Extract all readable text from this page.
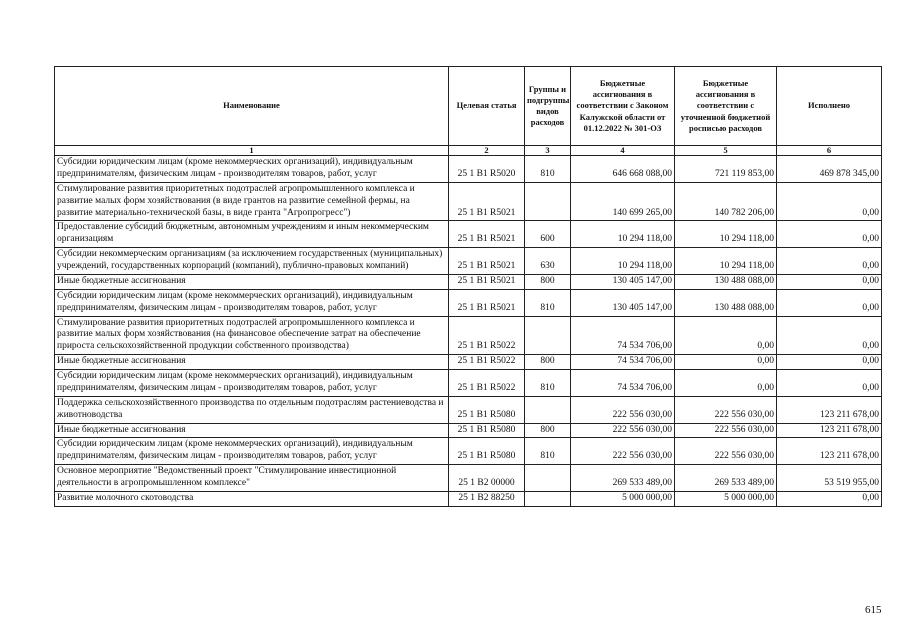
Наименование	Целевая статья	Группы и подгруппы видов расходов	Бюджетные ассигнования в соответствии с Законом Калужской области от 01.12.2022 № 301-ОЗ	Бюджетные ассигнования в соответствии с уточненной бюджетной росписью расходов	Исполнено
1	2	3	4	5	6
Субсидии юридическим лицам (кроме некоммерческих организаций), индивидуальным предпринимателям, физическим лицам - производителям товаров, работ, услуг	25 1 B1 R5020	810	646 668 088,00	721 119 853,00	469 878 345,00
Стимулирование развития приоритетных подотраслей агропромышленного комплекса и развитие малых форм хозяйствования (в виде грантов на развитие семейной фермы, на развитие материально-технической базы, в виде гранта "Агропрогресс")	25 1 B1 R5021		140 699 265,00	140 782 206,00	0,00
Предоставление субсидий бюджетным, автономным учреждениям и иным некоммерческим организациям	25 1 B1 R5021	600	10 294 118,00	10 294 118,00	0,00
Субсидии некоммерческим организациям (за исключением государственных (муниципальных) учреждений, государственных корпораций (компаний), публично-правовых компаний)	25 1 B1 R5021	630	10 294 118,00	10 294 118,00	0,00
Иные бюджетные ассигнования	25 1 B1 R5021	800	130 405 147,00	130 488 088,00	0,00
Субсидии юридическим лицам (кроме некоммерческих организаций), индивидуальным предпринимателям, физическим лицам - производителям товаров, работ, услуг	25 1 B1 R5021	810	130 405 147,00	130 488 088,00	0,00
Стимулирование развития приоритетных подотраслей агропромышленного комплекса и развитие малых форм хозяйствования (на финансовое обеспечение затрат на обеспечение прироста сельскохозяйственной продукции собственного производства)	25 1 B1 R5022		74 534 706,00	0,00	0,00
Иные бюджетные ассигнования	25 1 B1 R5022	800	74 534 706,00	0,00	0,00
Субсидии юридическим лицам (кроме некоммерческих организаций), индивидуальным предпринимателям, физическим лицам - производителям товаров, работ, услуг	25 1 B1 R5022	810	74 534 706,00	0,00	0,00
Поддержка сельскохозяйственного производства по отдельным подотраслям растениеводства и животноводства	25 1 B1 R5080		222 556 030,00	222 556 030,00	123 211 678,00
Иные бюджетные ассигнования	25 1 B1 R5080	800	222 556 030,00	222 556 030,00	123 211 678,00
Субсидии юридическим лицам (кроме некоммерческих организаций), индивидуальным предпринимателям, физическим лицам - производителям товаров, работ, услуг	25 1 B1 R5080	810	222 556 030,00	222 556 030,00	123 211 678,00
Основное мероприятие "Ведомственный проект "Стимулирование инвестиционной деятельности в агропромышленном комплексе"	25 1 B2 00000		269 533 489,00	269 533 489,00	53 519 955,00
Развитие молочного скотоводства	25 1 B2 88250		5 000 000,00	5 000 000,00	0,00
615
